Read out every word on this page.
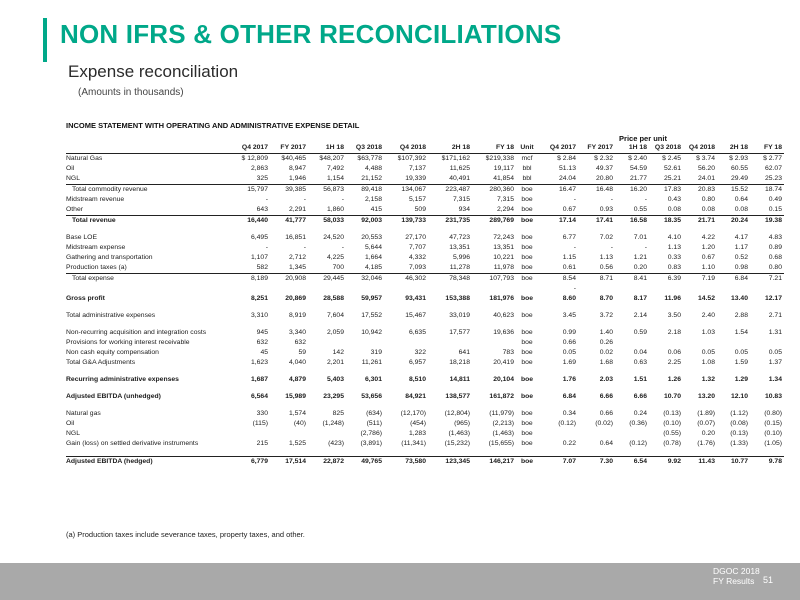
NON IFRS & OTHER RECONCILIATIONS
Expense reconciliation
(Amounts in thousands)
INCOME STATEMENT WITH OPERATING AND ADMINISTRATIVE EXPENSE DETAIL
Price per unit
	Q4 2017	FY 2017	1H 18	Q3 2018	Q4 2018	2H 18	FY 18	Unit	Q4 2017	FY 2017	1H 18	Q3 2018	Q4 2018	2H 18	FY 18
Natural Gas	$ 12,809	$40,465	$48,207	$63,778	$107,392	$171,162	$219,338	mcf	$ 2.84	$ 2.32	$ 2.40	$ 2.45	$ 3.74	$ 2.93	$ 2.77
Oil	2,863	8,947	7,492	4,488	7,137	11,625	19,117	bbl	51.13	49.37	54.59	52.61	56.20	60.55	62.07
NGL	325	1,946	1,154	21,152	19,339	40,491	41,854	bbl	24.04	20.80	21.77	25.21	24.01	29.49	25.23
Total commodity revenue	15,797	39,385	56,873	89,418	134,067	223,487	280,360	boe	16.47	16.48	16.20	17.83	20.83	15.52	18.74
Midstream revenue	-	-	-	2,158	5,157	7,315	7,315	boe	-	-	-	0.43	0.80	0.64	0.49
Other	643	2,291	1,860	415	509	934	2,294	boe	0.67	0.93	0.55	0.08	0.08	0.08	0.15
Total revenue	16,440	41,777	58,033	92,003	139,733	231,735	289,769	boe	17.14	17.41	16.58	18.35	21.71	20.24	19.38

Base LOE	6,495	16,851	24,520	20,553	27,170	47,723	72,243	boe	6.77	7.02	7.01	4.10	4.22	4.17	4.83
Midstream expense	-	-	-	5,644	7,707	13,351	13,351	boe	-	-	-	1.13	1.20	1.17	0.89
Gathering and transportation	1,107	2,712	4,225	1,664	4,332	5,996	10,221	boe	1.15	1.13	1.21	0.33	0.67	0.52	0.68
Production taxes (a)	582	1,345	700	4,185	7,093	11,278	11,978	boe	0.61	0.56	0.20	0.83	1.10	0.98	0.80
Total expense	8,189	20,908	29,445	32,046	46,302	78,348	107,793	boe	8.54	8.71	8.41	6.39	7.19	6.84	7.21
									-						
Gross profit	8,251	20,869	28,588	59,957	93,431	153,388	181,976	boe	8.60	8.70	8.17	11.96	14.52	13.40	12.17

Total administrative expenses	3,310	8,919	7,604	17,552	15,467	33,019	40,623	boe	3.45	3.72	2.14	3.50	2.40	2.88	2.71

Non-recurring acquisition and integration costs	945	3,340	2,059	10,942	6,635	17,577	19,636	boe	0.99	1.40	0.59	2.18	1.03	1.54	1.31
Provisions for working interest receivable	632	632						boe	0.66	0.26					
Non cash equity compensation	45	59	142	319	322	641	783	boe	0.05	0.02	0.04	0.06	0.05	0.05	0.05
Total G&A Adjustments	1,623	4,040	2,201	11,261	6,957	18,218	20,419	boe	1.69	1.68	0.63	2.25	1.08	1.59	1.37

Recurring administrative expenses	1,687	4,879	5,403	6,301	8,510	14,811	20,104	boe	1.76	2.03	1.51	1.26	1.32	1.29	1.34

Adjusted EBITDA (unhedged)	6,564	15,989	23,295	53,656	84,921	138,577	161,872	boe	6.84	6.66	6.66	10.70	13.20	12.10	10.83

Natural gas	330	1,574	825	(634)	(12,170)	(12,804)	(11,979)	boe	0.34	0.66	0.24	(0.13)	(1.89)	(1.12)	(0.80)
Oil	(115)	(40)	(1,248)	(511)	(454)	(965)	(2,213)	boe	(0.12)	(0.02)	(0.36)	(0.10)	(0.07)	(0.08)	(0.15)
NGL				(2,786)	1,283	(1,463)	(1,463)	boe				(0.55)	0.20	(0.13)	(0.10)
Gain (loss) on settled derivative instruments	215	1,525	(423)	(3,891)	(11,341)	(15,232)	(15,655)	boe	0.22	0.64	(0.12)	(0.78)	(1.76)	(1.33)	(1.05)

Adjusted EBITDA (hedged)	6,779	17,514	22,872	49,765	73,580	123,345	146,217	boe	7.07	7.30	6.54	9.92	11.43	10.77	9.78
(a) Production taxes include severance taxes, property taxes, and other.
DGOC 2018
FY Results 51
